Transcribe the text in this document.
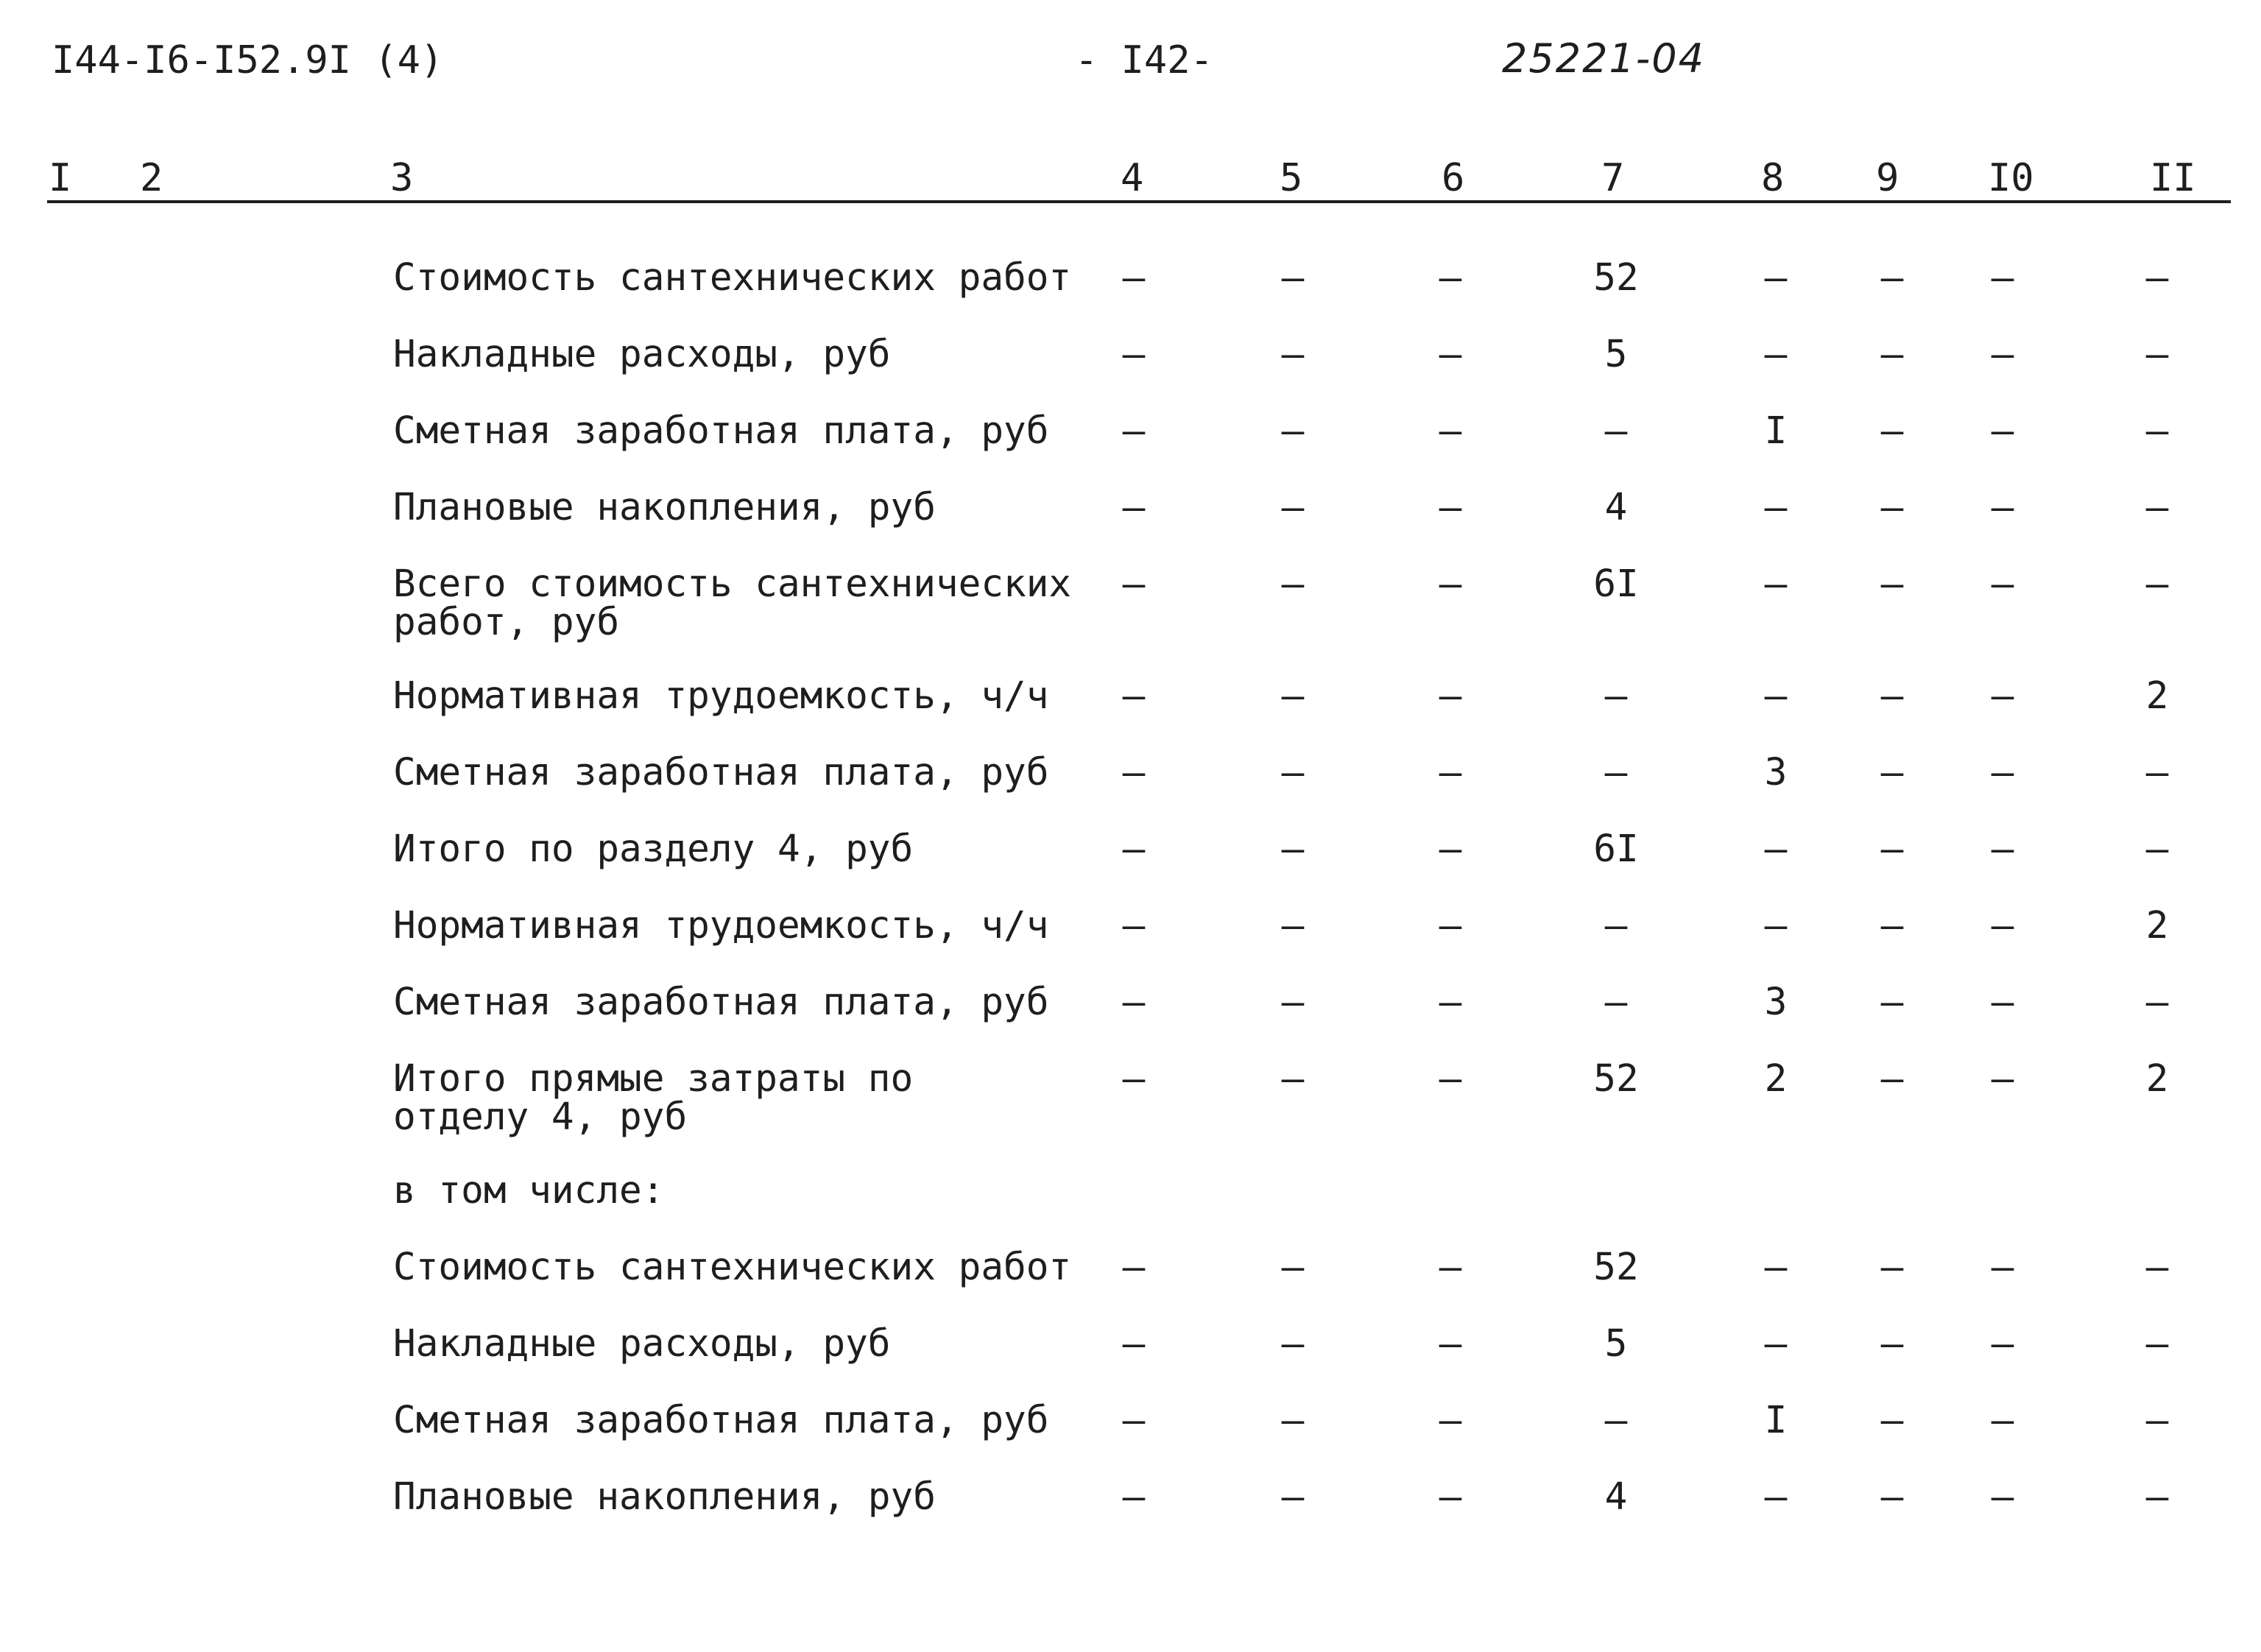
I44-I6-I52.9I (4)	- I42-	25221-04
I 2	3	4	5	6	7	8 9 I0	II
Стоимость сантехнических работ	–	–	–	52	–	–	–	–
Накладные расходы, руб	–	–	–	5	–	–	–	–
Сметная заработная плата, руб	–	–	–	–	I	–	–	–
Плановые накопления, руб	–	–	–	4	–	–	–	–
Всего стоимость сантехнических
работ, руб
–	–	–	6I	–	–	–	–
Нормативная трудоемкость, ч/ч	–	–	–	–	–	–	–	2
Сметная заработная плата, руб	–	–	–	–	3	–	–	–
Итого по разделу 4, руб	–	–	–	6I	–	–	–	–
Нормативная трудоемкость, ч/ч	–	–	–	–	–	–	–	2
Сметная заработная плата, руб	–	–	–	–	3	–	–	–
Итого прямые затраты по
отделу 4, руб
–	–	–	52	2	–	–	2
в том числе:
Стоимость сантехнических работ	–	–	–	52	–	–	–	–
Накладные расходы, руб	–	–	–	5	–	–	–	–
Сметная заработная плата, руб	–	–	–	–	I	–	–	–
Плановые накопления, руб	–	–	–	4	–	–	–	–
